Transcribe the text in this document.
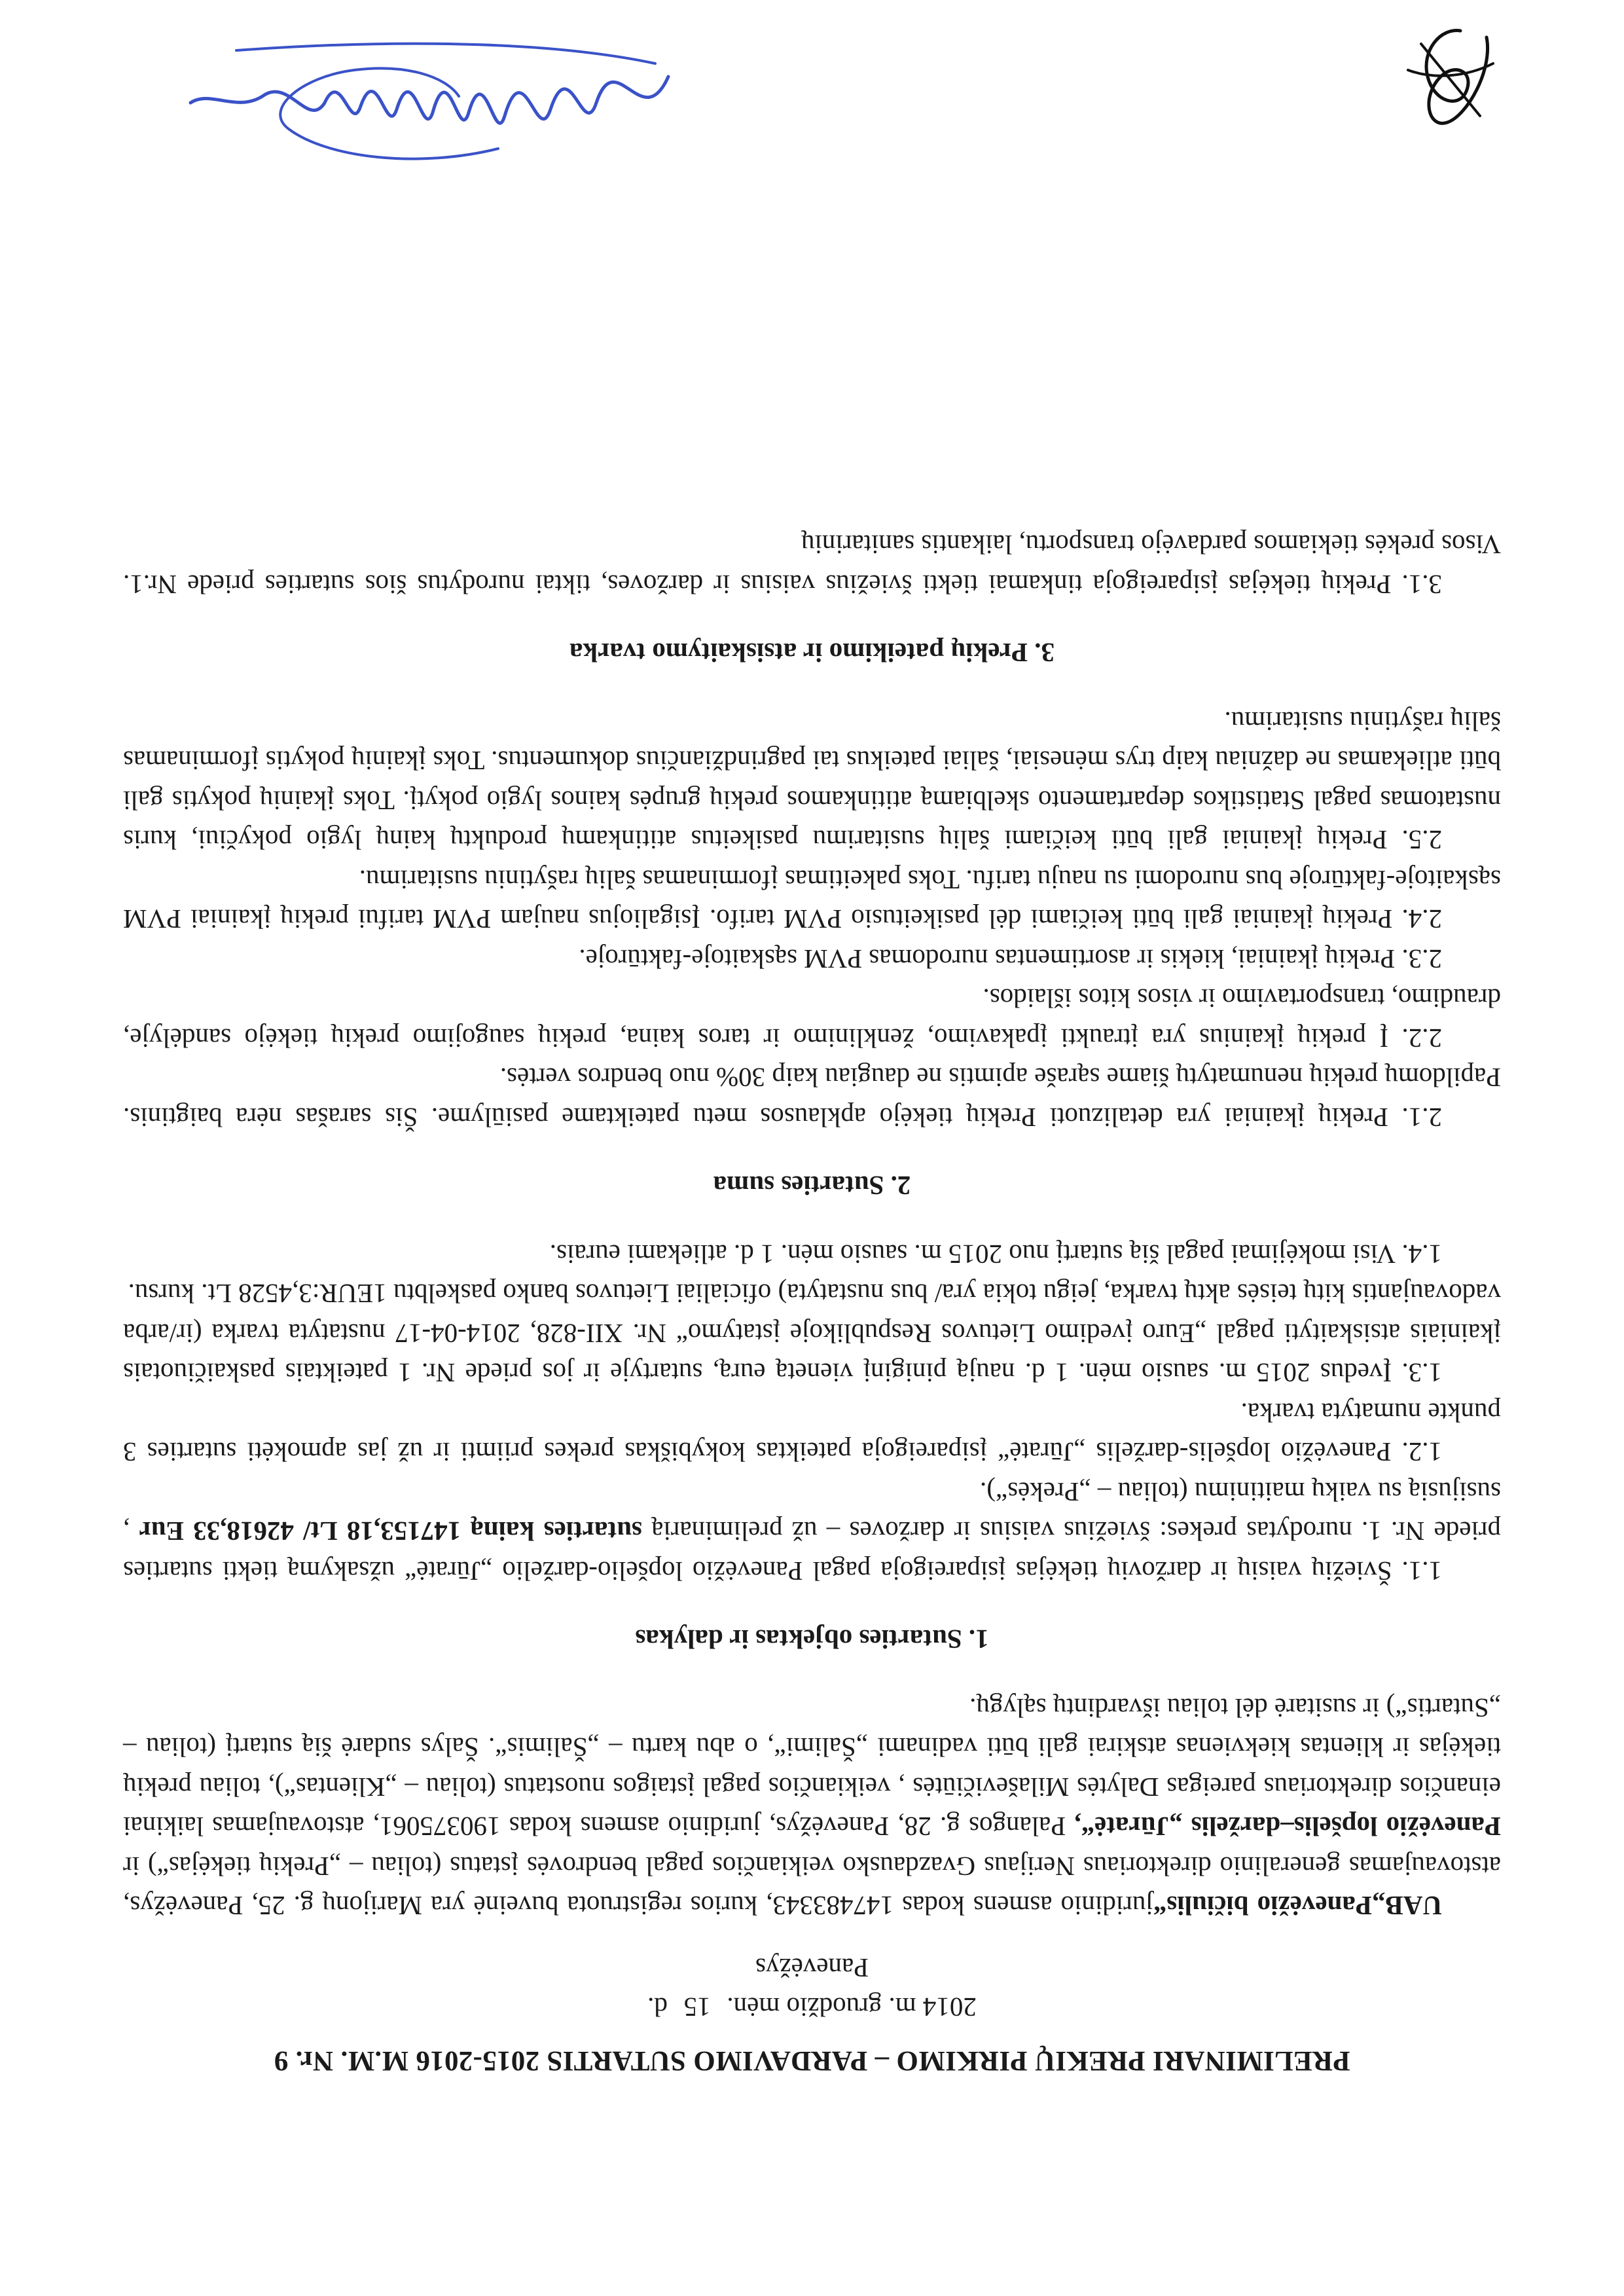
PRELIMINARI PREKIŲ PIRKIMO – PARDAVIMO SUTARTIS 2015-2016 M.M. Nr. 9

2014 m. gruodžio mėn. 15 d.

Panevėžys

UAB„Panevėžio bičiulis“juridinio asmens kodas 147483343, kurios registruota buveinė yra Marijonų g. 25, Panevėžys, atstovaujamas generalinio direktoriaus Nerijaus Gvazdausko veikiančios pagal bendrovės įstatus (toliau – „Prekių tiekėjas“) ir Panevėžio lopšelis–darželis „Jūratė“, Palangos g. 28, Panevėžys, juridinio asmens kodas 190375061, atstovaujamas laikinai einančios direktoriaus pareigas Dalytės Milaševičiūtės , veikiančios pagal įstaigos nuostatus (toliau – „Klientas“), toliau prekių tiekėjas ir klientas kiekvienas atskirai gali būti vadinami „Šalimi“, o abu kartu – „Šalimis“. Šalys sudarė šią sutartį (toliau – „Sutartis“) ir susitarė dėl toliau išvardintų sąlygų.

1. Sutarties objektas ir dalykas

1.1. Šviežių vaisių ir daržovių tiekėjas įsipareigoja pagal Panevėžio lopšelio-darželio „Jūratė“ užsakymą tiekti sutarties priede Nr. 1. nurodytas prekes: šviežius vaisius ir daržoves – už preliminarią sutarties kainą 147153,18 Lt/ 42618,33 Eur , susijusią su vaikų maitinimu (toliau – „Prekės“).

1.2. Panevėžio lopšelis-darželis „Jūratė“ įsipareigoja pateiktas kokybiškas prekes priimti ir už jas apmokėti sutarties 3 punkte numatyta tvarka.

1.3. Įvedus 2015 m. sausio mėn. 1 d. naują piniginį vienetą eurą, sutartyje ir jos priede Nr. 1 pateiktais paskaičiuotais įkainiais atsiskaityti pagal „Euro įvedimo Lietuvos Respublikoje įstatymo“ Nr. XII-828, 2014-04-17 nustatyta tvarka (ir/arba vadovaujantis kitų teisės aktų tvarka, jeigu tokia yra/ bus nustatyta) oficialiai Lietuvos banko paskelbtu 1EUR:3,4528 Lt. kursu.

1.4. Visi mokėjimai pagal šią sutartį nuo 2015 m. sausio mėn. 1 d. atliekami eurais.

2. Sutarties suma

2.1. Prekių įkainiai yra detalizuoti Prekių tiekėjo apklausos metu pateiktame pasiūlyme. Šis sarašas nėra baigtinis. Papildomų prekių nenumatytų šiame sąraše apimtis ne daugiau kaip 30% nuo bendros vertės.

2.2. Į prekių įkainius yra įtraukti įpakavimo, ženklinimo ir taros kaina, prekių saugojimo prekių tiekėjo sandėlyje, draudimo, transportavimo ir visos kitos išlaidos.

2.3. Prekių įkainiai, kiekis ir asortimentas nurodomas PVM sąskaitoje-faktūroje.

2.4. Prekių įkainiai gali būti keičiami dėl pasikeitusio PVM tarifo. Įsigaliojus naujam PVM tarifui prekių įkainiai PVM sąskaitoje-faktūroje bus nurodomi su nauju tarifu. Toks pakeitimas įforminamas šalių rašytiniu susitarimu.

2.5. Prekių įkainiai gali būti keičiami šalių susitarimu pasikeitus atitinkamų produktų kainų lygio pokyčiui, kuris nustatomas pagal Statistikos departamento skelbiamą atitinkamos prekių grupės kainos lygio pokytį. Toks įkainių pokytis gali būti atliekamas ne dažniau kaip trys mėnesiai, šaliai pateikus tai pagrindžiančius dokumentus. Toks įkainių pokytis įforminamas šalių rašytiniu susitarimu.

3. Prekių pateikimo ir atsiskaitymo tvarka

3.1. Prekių tiekėjas įsipareigoja tinkamai tiekti šviežius vaisius ir daržoves, tiktai nurodytus šios sutarties priede Nr.1. Visos prekės tiekiamos pardavėjo transportu, laikantis sanitarinių
